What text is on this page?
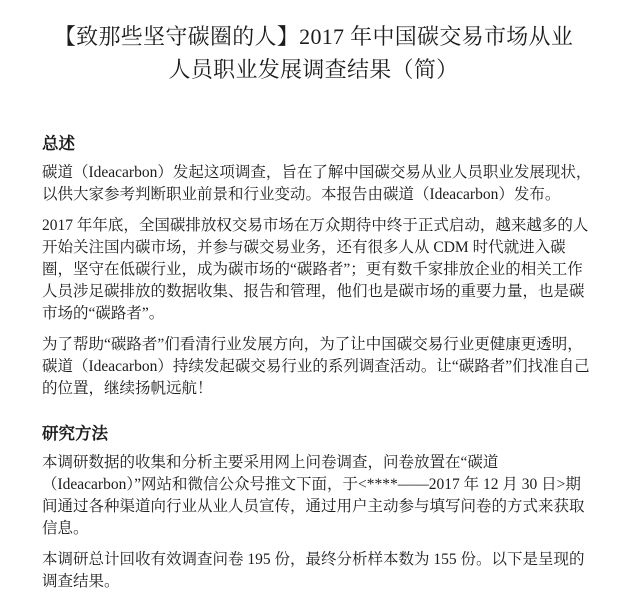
【致那些坚守碳圈的人】2017 年中国碳交易市场从业人员职业发展调查结果（简）
总述

碳道（Ideacarbon）发起这项调查，旨在了解中国碳交易从业人员职业发展现状，以供大家参考判断职业前景和行业变动。本报告由碳道（Ideacarbon）发布。

2017 年年底，全国碳排放权交易市场在万众期待中终于正式启动，越来越多的人开始关注国内碳市场，并参与碳交易业务，还有很多人从 CDM 时代就进入碳圈，坚守在低碳行业，成为碳市场的“碳路者”；更有数千家排放企业的相关工作人员涉足碳排放的数据收集、报告和管理，他们也是碳市场的重要力量，也是碳市场的“碳路者”。

为了帮助“碳路者”们看清行业发展方向，为了让中国碳交易行业更健康更透明，碳道（Ideacarbon）持续发起碳交易行业的系列调查活动。让“碳路者”们找准自己的位置，继续扬帆远航！

研究方法

本调研数据的收集和分析主要采用网上问卷调查，问卷放置在“碳道（Ideacarbon）”网站和微信公众号推文下面，于<****——2017 年 12 月 30 日>期间通过各种渠道向行业从业人员宣传，通过用户主动参与填写问卷的方式来获取信息。

本调研总计回收有效调查问卷 195 份，最终分析样本数为 155 份。以下是呈现的调查结果。
